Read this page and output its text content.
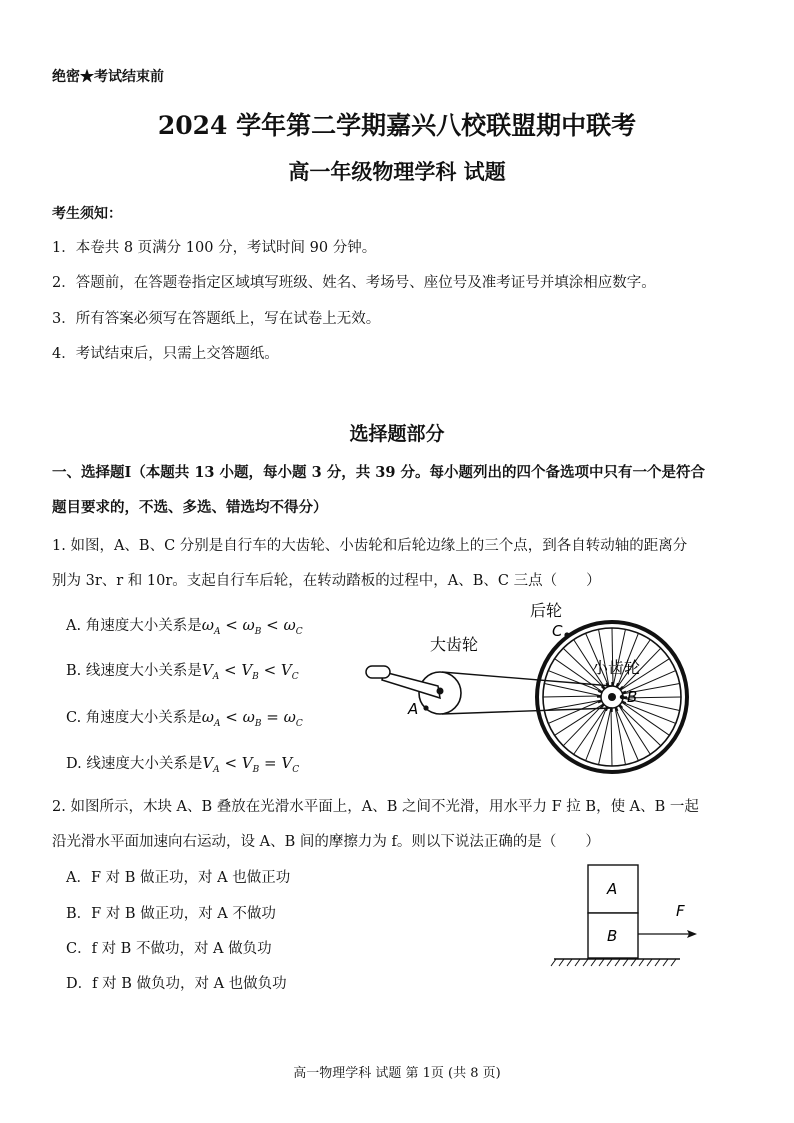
绝密★考试结束前
2024 学年第二学期嘉兴八校联盟期中联考
高一年级物理学科 试题
考生须知：
1．本卷共 8 页满分 100 分，考试时间 90 分钟。
2．答题前，在答题卷指定区域填写班级、姓名、考场号、座位号及准考证号并填涂相应数字。
3．所有答案必须写在答题纸上，写在试卷上无效。
4．考试结束后，只需上交答题纸。
选择题部分
一、选择题Ⅰ（本题共 13 小题，每小题 3 分，共 39 分。每小题列出的四个备选项中只有一个是符合
题目要求的，不选、多选、错选均不得分）
1. 如图，A、B、C 分别是自行车的大齿轮、小齿轮和后轮边缘上的三个点，到各自转动轴的距离分
别为 3r、r 和 10r。支起自行车后轮，在转动踏板的过程中，A、B、C 三点（　　）
A. 角速度大小关系是$\omega_A < \omega_B < \omega_C$
B. 线速度大小关系是$V_A < V_B < V_C$
C. 角速度大小关系是$\omega_A < \omega_B = \omega_C$
D. 线速度大小关系是$V_A < V_B = V_C$
后轮
C
大齿轮
小齿轮
B
A
2. 如图所示，木块 A、B 叠放在光滑水平面上，A、B 之间不光滑，用水平力 F 拉 B，使 A、B 一起
沿光滑水平面加速向右运动，设 A、B 间的摩擦力为 f。则以下说法正确的是（　　）
A．F 对 B 做正功，对 A 也做正功
B．F 对 B 做正功，对 A 不做功
C．f 对 B 不做功，对 A 做负功
D．f 对 B 做负功，对 A 也做负功
A
B
F
高一物理学科 试题 第 1页 (共 8 页)
